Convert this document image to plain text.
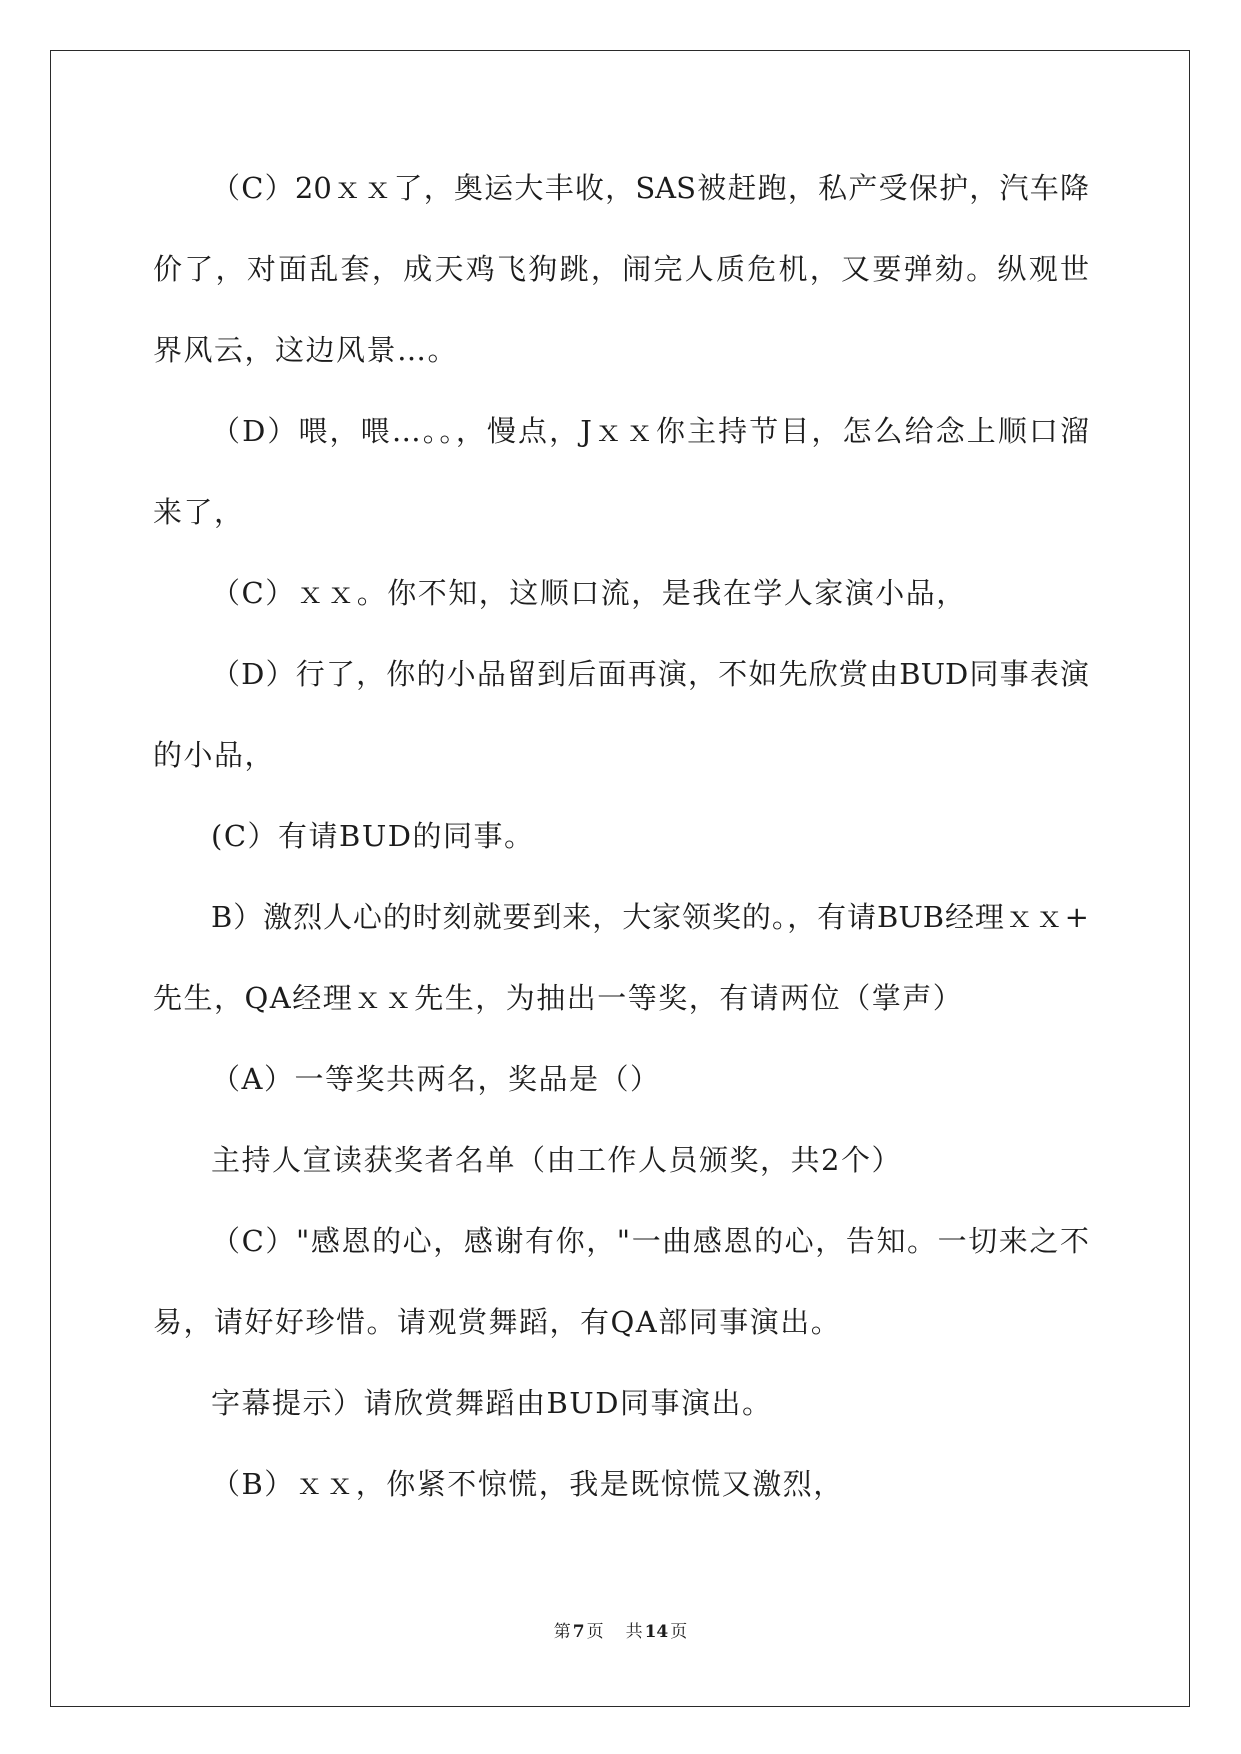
（C）20ｘｘ了，奥运大丰收，SAS被赶跑，私产受保护，汽车降
价了，对面乱套，成天鸡飞狗跳，闹完人质危机，又要弹劾。纵观世
界风云，这边风景…。
（D）喂，喂…。。，慢点，Jｘｘ你主持节目，怎么给念上顺口溜
来了，
（C）ｘｘ。你不知，这顺口流，是我在学人家演小品，
（D）行了，你的小品留到后面再演，不如先欣赏由BUD同事表演
的小品，
(C）有请BUD的同事。
B）激烈人心的时刻就要到来，大家领奖的。，有请BUB经理ｘｘ+
先生，QA经理ｘｘ先生，为抽出一等奖，有请两位（掌声）
（A）一等奖共两名，奖品是（）
主持人宣读获奖者名单（由工作人员颁奖，共2个）
（C）"感恩的心，感谢有你，"一曲感恩的心，告知。一切来之不
易，请好好珍惜。请观赏舞蹈，有QA部同事演出。
字幕提示）请欣赏舞蹈由BUD同事演出。
（B）ｘｘ，你紧不惊慌，我是既惊慌又激烈，
第 7 页 共 14 页
